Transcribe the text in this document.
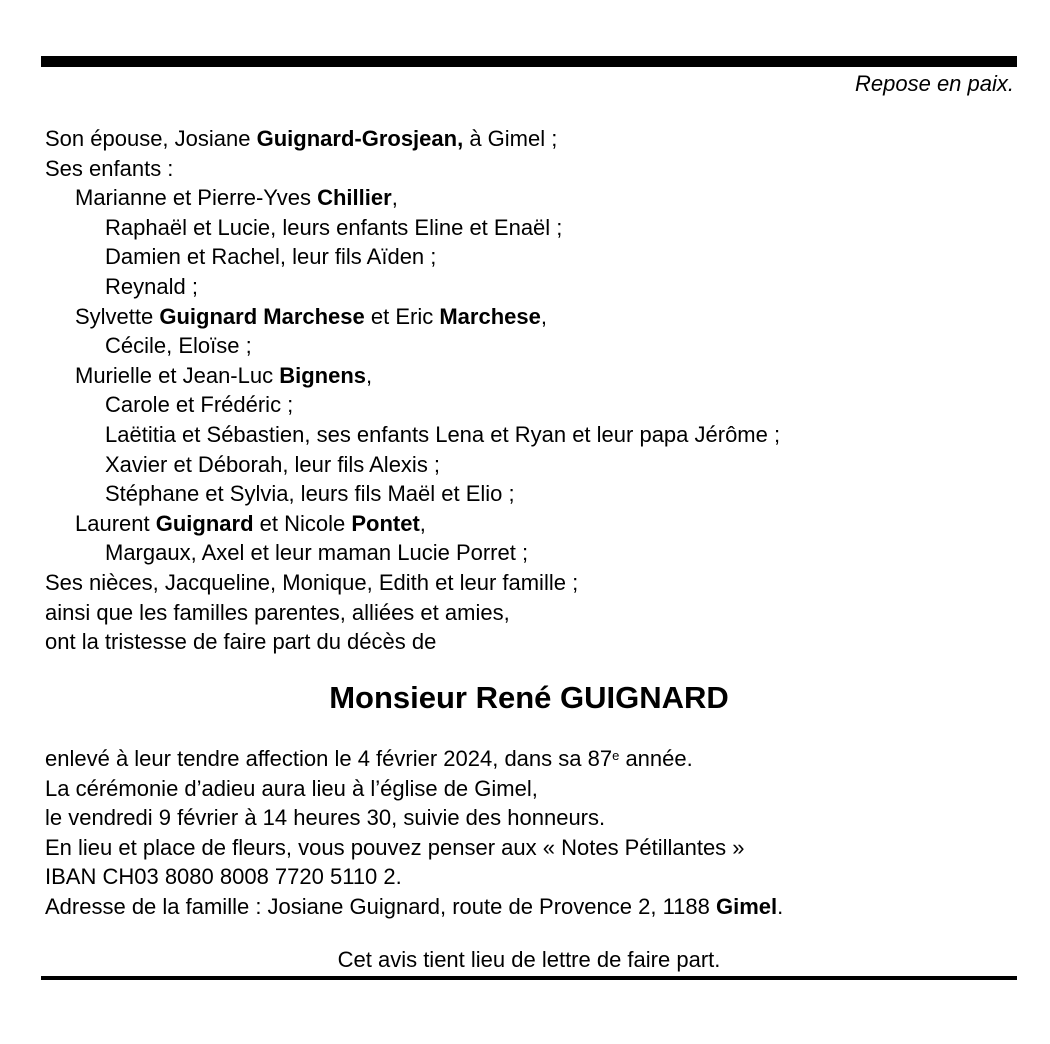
Repose en paix.
Son épouse, Josiane Guignard-Grosjean, à Gimel ;
Ses enfants :
Marianne et Pierre-Yves Chillier,
Raphaël et Lucie, leurs enfants Eline et Enaël ;
Damien et Rachel, leur fils Aïden ;
Reynald ;
Sylvette Guignard Marchese et Eric Marchese,
Cécile, Eloïse ;
Murielle et Jean-Luc Bignens,
Carole et Frédéric ;
Laëtitia et Sébastien, ses enfants Lena et Ryan et leur papa Jérôme ;
Xavier et Déborah, leur fils Alexis ;
Stéphane et Sylvia, leurs fils Maël et Elio ;
Laurent Guignard et Nicole Pontet,
Margaux, Axel et leur maman Lucie Porret ;
Ses nièces, Jacqueline, Monique, Edith et leur famille ;
ainsi que les familles parentes, alliées et amies,
ont la tristesse de faire part du décès de
Monsieur René GUIGNARD
enlevé à leur tendre affection le 4 février 2024, dans sa 87e année.
La cérémonie d’adieu aura lieu à l’église de Gimel,
le vendredi 9 février à 14 heures 30, suivie des honneurs.
En lieu et place de fleurs, vous pouvez penser aux « Notes Pétillantes »
IBAN CH03 8080 8008 7720 5110 2.
Adresse de la famille : Josiane Guignard, route de Provence 2, 1188 Gimel.
Cet avis tient lieu de lettre de faire part.
